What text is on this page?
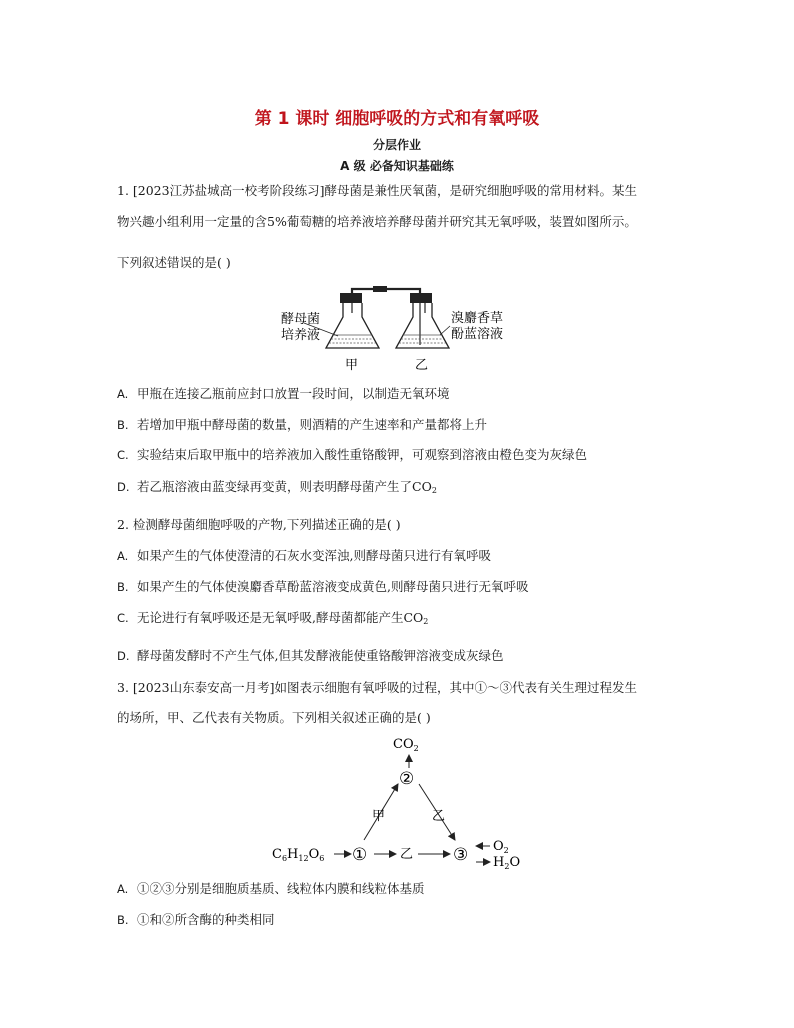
第 1 课时 细胞呼吸的方式和有氧呼吸
分层作业
A 级 必备知识基础练
1. [2023江苏盐城高一校考阶段练习]酵母菌是兼性厌氧菌，是研究细胞呼吸的常用材料。某生
物兴趣小组利用一定量的含5%葡萄糖的培养液培养酵母菌并研究其无氧呼吸，装置如图所示。
下列叙述错误的是( )
酵母菌
培养液
溴麝香草
酚蓝溶液
甲	乙
A. 甲瓶在连接乙瓶前应封口放置一段时间，以制造无氧环境
B. 若增加甲瓶中酵母菌的数量，则酒精的产生速率和产量都将上升
C. 实验结束后取甲瓶中的培养液加入酸性重铬酸钾，可观察到溶液由橙色变为灰绿色
D. 若乙瓶溶液由蓝变绿再变黄，则表明酵母菌产生了$CO_2$
2. 检测酵母菌细胞呼吸的产物,下列描述正确的是( )
A. 如果产生的气体使澄清的石灰水变浑浊,则酵母菌只进行有氧呼吸
B. 如果产生的气体使溴麝香草酚蓝溶液变成黄色,则酵母菌只进行无氧呼吸
C. 无论进行有氧呼吸还是无氧呼吸,酵母菌都能产生$CO_2$
D. 酵母菌发酵时不产生气体,但其发酵液能使重铬酸钾溶液变成灰绿色
3. [2023山东泰安高一月考]如图表示细胞有氧呼吸的过程，其中①～③代表有关生理过程发生
的场所，甲、乙代表有关物质。下列相关叙述正确的是( )
$CO_2$
②
甲	乙
$C_6H_{12}O_6$ ①	乙 ③ $O_2$
$H_2O$
A. ①②③分别是细胞质基质、线粒体内膜和线粒体基质
B. ①和②所含酶的种类相同
